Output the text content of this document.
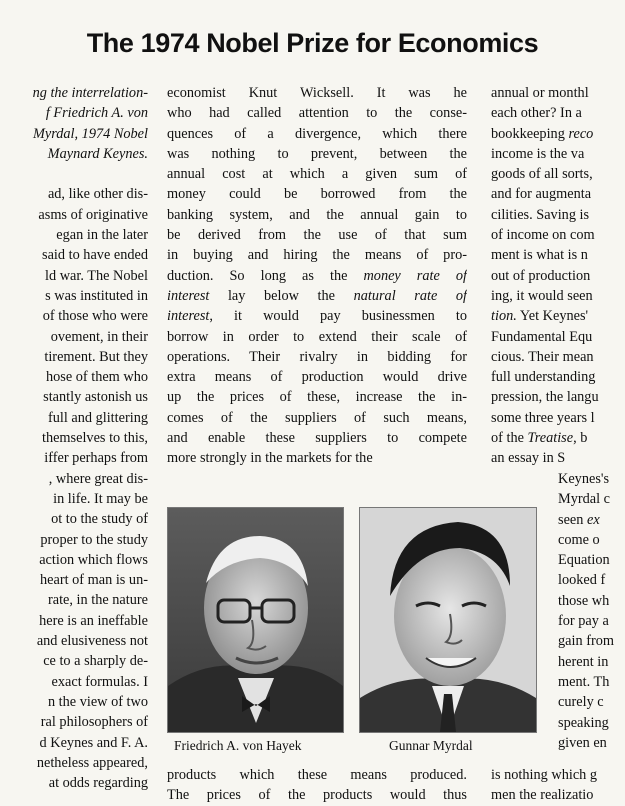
The 1974 Nobel Prize for Economics
ng the interrelation-
f Friedrich A. von
Myrdal, 1974 Nobel
Maynard Keynes.

ad, like other dis-
asms of originative
egan in the later
said to have ended
ld war. The Nobel
s was instituted in
of those who were
ovement, in their
tirement. But they
hose of them who
stantly astonish us
full and glittering
themselves to this,
iffer perhaps from
, where great dis-
in life. It may be
ot to the study of
proper to the study
action which flows
heart of man is un-
rate, in the nature
here is an ineffable
and elusiveness not
ce to a sharply de-
exact formulas. I
n the view of two
ral philosophers of
d Keynes and F. A.
netheless appeared,
at odds regarding
economist Knut Wicksell. It was he
who had called attention to the conse-
quences of a divergence, which there
was nothing to prevent, between the
annual cost at which a given sum of
money could be borrowed from the
banking system, and the annual gain to
be derived from the use of that sum
in buying and hiring the means of pro-
duction. So long as the money rate of
interest lay below the natural rate of
interest, it would pay businessmen to
borrow in order to extend their scale of
operations. Their rivalry in bidding for
extra means of production would drive
up the prices of these, increase the in-
comes of the suppliers of such means,
and enable these suppliers to compete
more strongly in the markets for the
annual or monthl
each other? In a
bookkeeping reco
income is the va
goods of all sorts,
and for augmenta
cilities. Saving is
of income on com
ment is what is n
out of production
ing, it would seen
tion. Yet Keynes'
Fundamental Equ
cious. Their mean
full understanding
pression, the langu
some three years l
of the Treatise, b
an essay in S
Keynes's
Myrdal c
seen ex
come o
Equation
looked f
those wh
for pay a
gain from
herent in
ment. Th
curely c
speaking
given en
Friedrich A. von Hayek	Gunnar Myrdal
products which these means produced.
The prices of the products would thus
is nothing which g
men the realizatio
